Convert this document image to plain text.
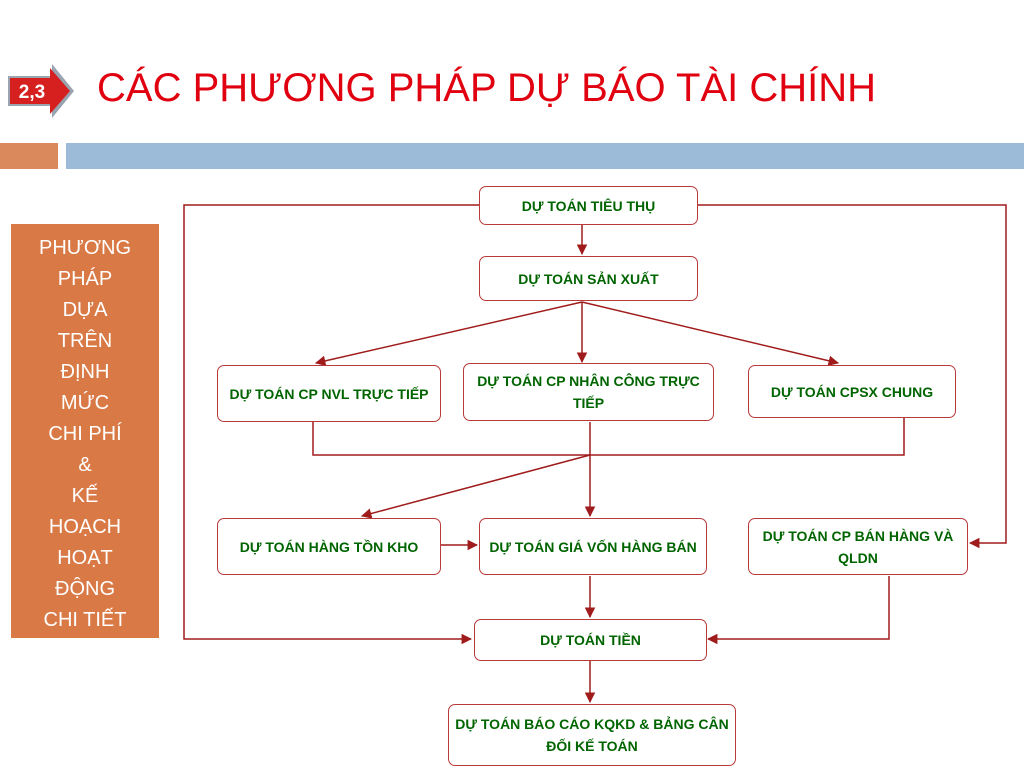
2,3 CÁC PHƯƠNG PHÁP DỰ BÁO TÀI CHÍNH
PHƯƠNG
PHÁP
DỰA
TRÊN
ĐỊNH
MỨC
CHI PHÍ
&
KẾ
HOẠCH
HOẠT
ĐỘNG
CHI TIẾT
DỰ TOÁN TIÊU THỤ
DỰ TOÁN SẢN XUẤT
DỰ TOÁN CP NVL TRỰC TIẾP
DỰ TOÁN CP NHÂN CÔNG TRỰC TIẾP
DỰ TOÁN CPSX CHUNG
DỰ TOÁN HÀNG TỒN KHO	DỰ TOÁN GIÁ VỐN HÀNG BÁN
DỰ TOÁN CP BÁN HÀNG VÀ QLDN
DỰ TOÁN TIỀN
DỰ TOÁN BÁO CÁO KQKD & BẢNG CÂN ĐỐI KẾ TOÁN
